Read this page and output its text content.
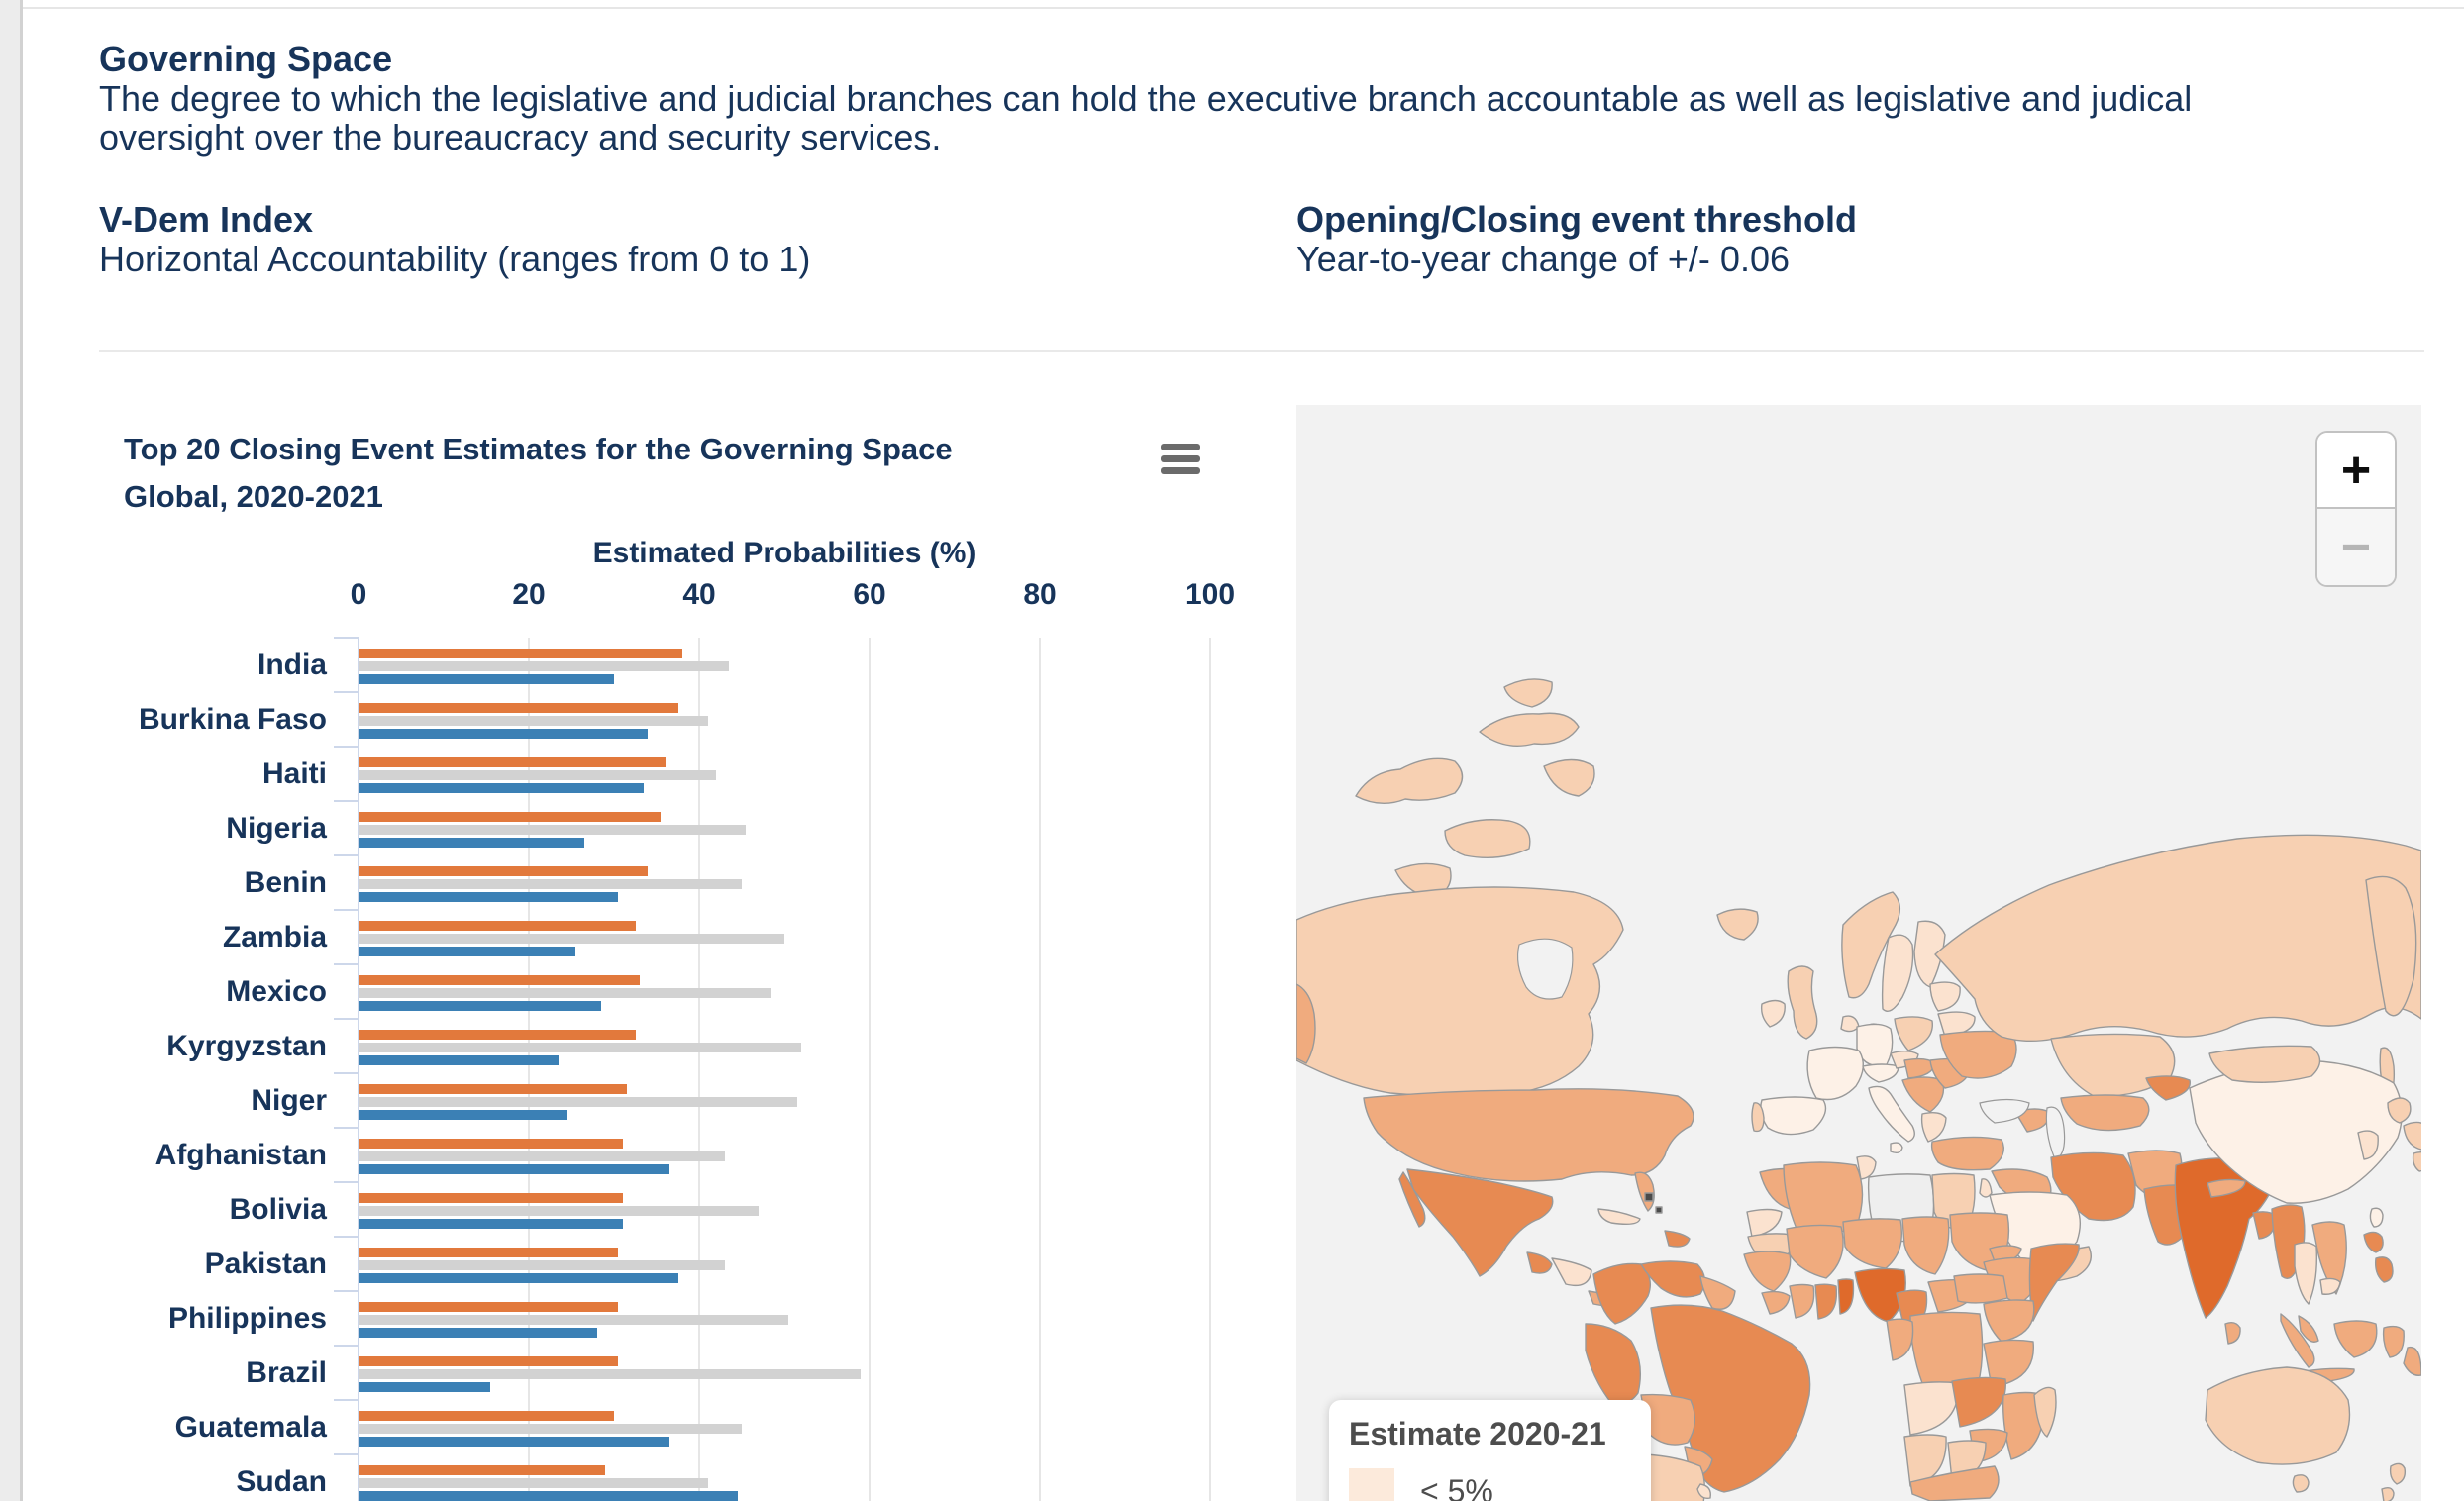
Governing Space
The degree to which the legislative and judicial branches can hold the executive branch accountable as well as legislative and judical
oversight over the bureaucracy and security services.
V-Dem Index
Horizontal Accountability (ranges from 0 to 1)
Opening/Closing event threshold
Year-to-year change of +/- 0.06
Top 20 Closing Event Estimates for the Governing Space
Global, 2020-2021
Estimated Probabilities (%)
0	20	40	60	80	100
India
Burkina Faso
Haiti
Nigeria
Benin
Zambia
Mexico
Kyrgyzstan
Niger
Afghanistan
Bolivia
Pakistan
Philippines
Brazil
Guatemala
Sudan
+
−
Estimate 2020-21
< 5%
